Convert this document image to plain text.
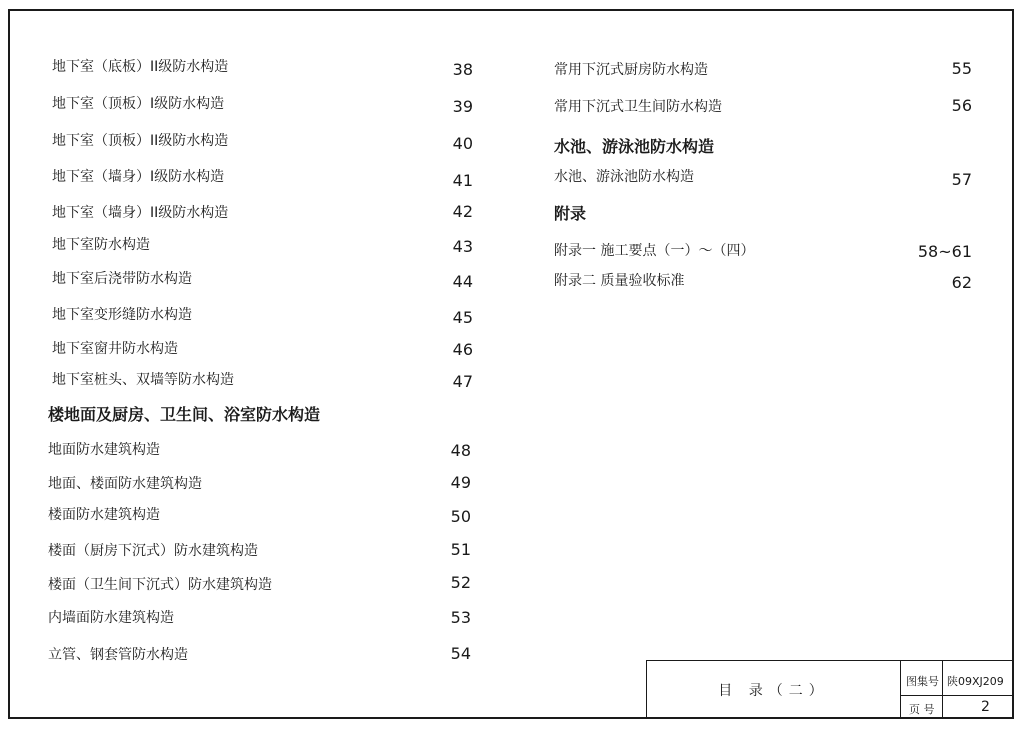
地下室（底板）II级防水构造	38
地下室（顶板）I级防水构造	39
地下室（顶板）II级防水构造	40
地下室（墙身）I级防水构造	41
地下室（墙身）II级防水构造	42
地下室防水构造	43
地下室后浇带防水构造	44
地下室变形缝防水构造	45
地下室窗井防水构造	46
地下室桩头、双墙等防水构造	47
楼地面及厨房、卫生间、浴室防水构造
地面防水建筑构造	48
地面、楼面防水建筑构造	49
楼面防水建筑构造	50
楼面（厨房下沉式）防水建筑构造	51
楼面（卫生间下沉式）防水建筑构造	52
内墙面防水建筑构造	53
立管、钢套管防水构造	54
常用下沉式厨房防水构造	55
常用下沉式卫生间防水构造	56
水池、游泳池防水构造
水池、游泳池防水构造	57
附录
附录一 施工要点（一）～（四）	58~61
附录二 质量验收标准	62
目 录（二）
图集号 陕09XJ209
页 号	2
